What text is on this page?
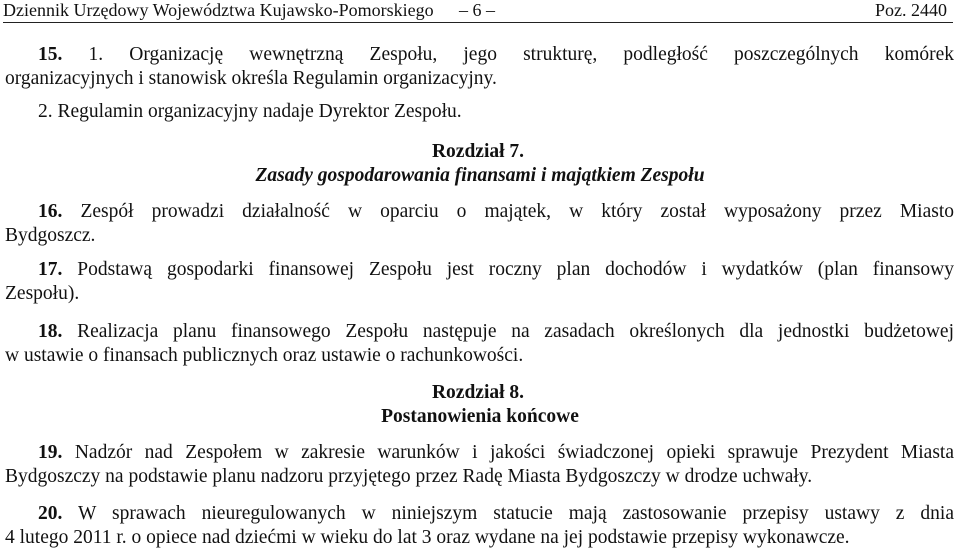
Dziennik Urzędowy Województwa Kujawsko-Pomorskiego – 6 –	Poz. 2440
15. 1. Organizację wewnętrzną Zespołu, jego strukturę, podległość poszczególnych komórek
organizacyjnych i stanowisk określa Regulamin organizacyjny.
2. Regulamin organizacyjny nadaje Dyrektor Zespołu.
Rozdział 7.
Zasady gospodarowania finansami i majątkiem Zespołu
16. Zespół prowadzi działalność w oparciu o majątek, w który został wyposażony przez Miasto
Bydgoszcz.
17. Podstawą gospodarki finansowej Zespołu jest roczny plan dochodów i wydatków (plan finansowy
Zespołu).
18. Realizacja planu finansowego Zespołu następuje na zasadach określonych dla jednostki budżetowej
w ustawie o finansach publicznych oraz ustawie o rachunkowości.
Rozdział 8.
Postanowienia końcowe
19. Nadzór nad Zespołem w zakresie warunków i jakości świadczonej opieki sprawuje Prezydent Miasta
Bydgoszczy na podstawie planu nadzoru przyjętego przez Radę Miasta Bydgoszczy w drodze uchwały.
20. W sprawach nieuregulowanych w niniejszym statucie mają zastosowanie przepisy ustawy z dnia
4 lutego 2011 r. o opiece nad dziećmi w wieku do lat 3 oraz wydane na jej podstawie przepisy wykonawcze.
